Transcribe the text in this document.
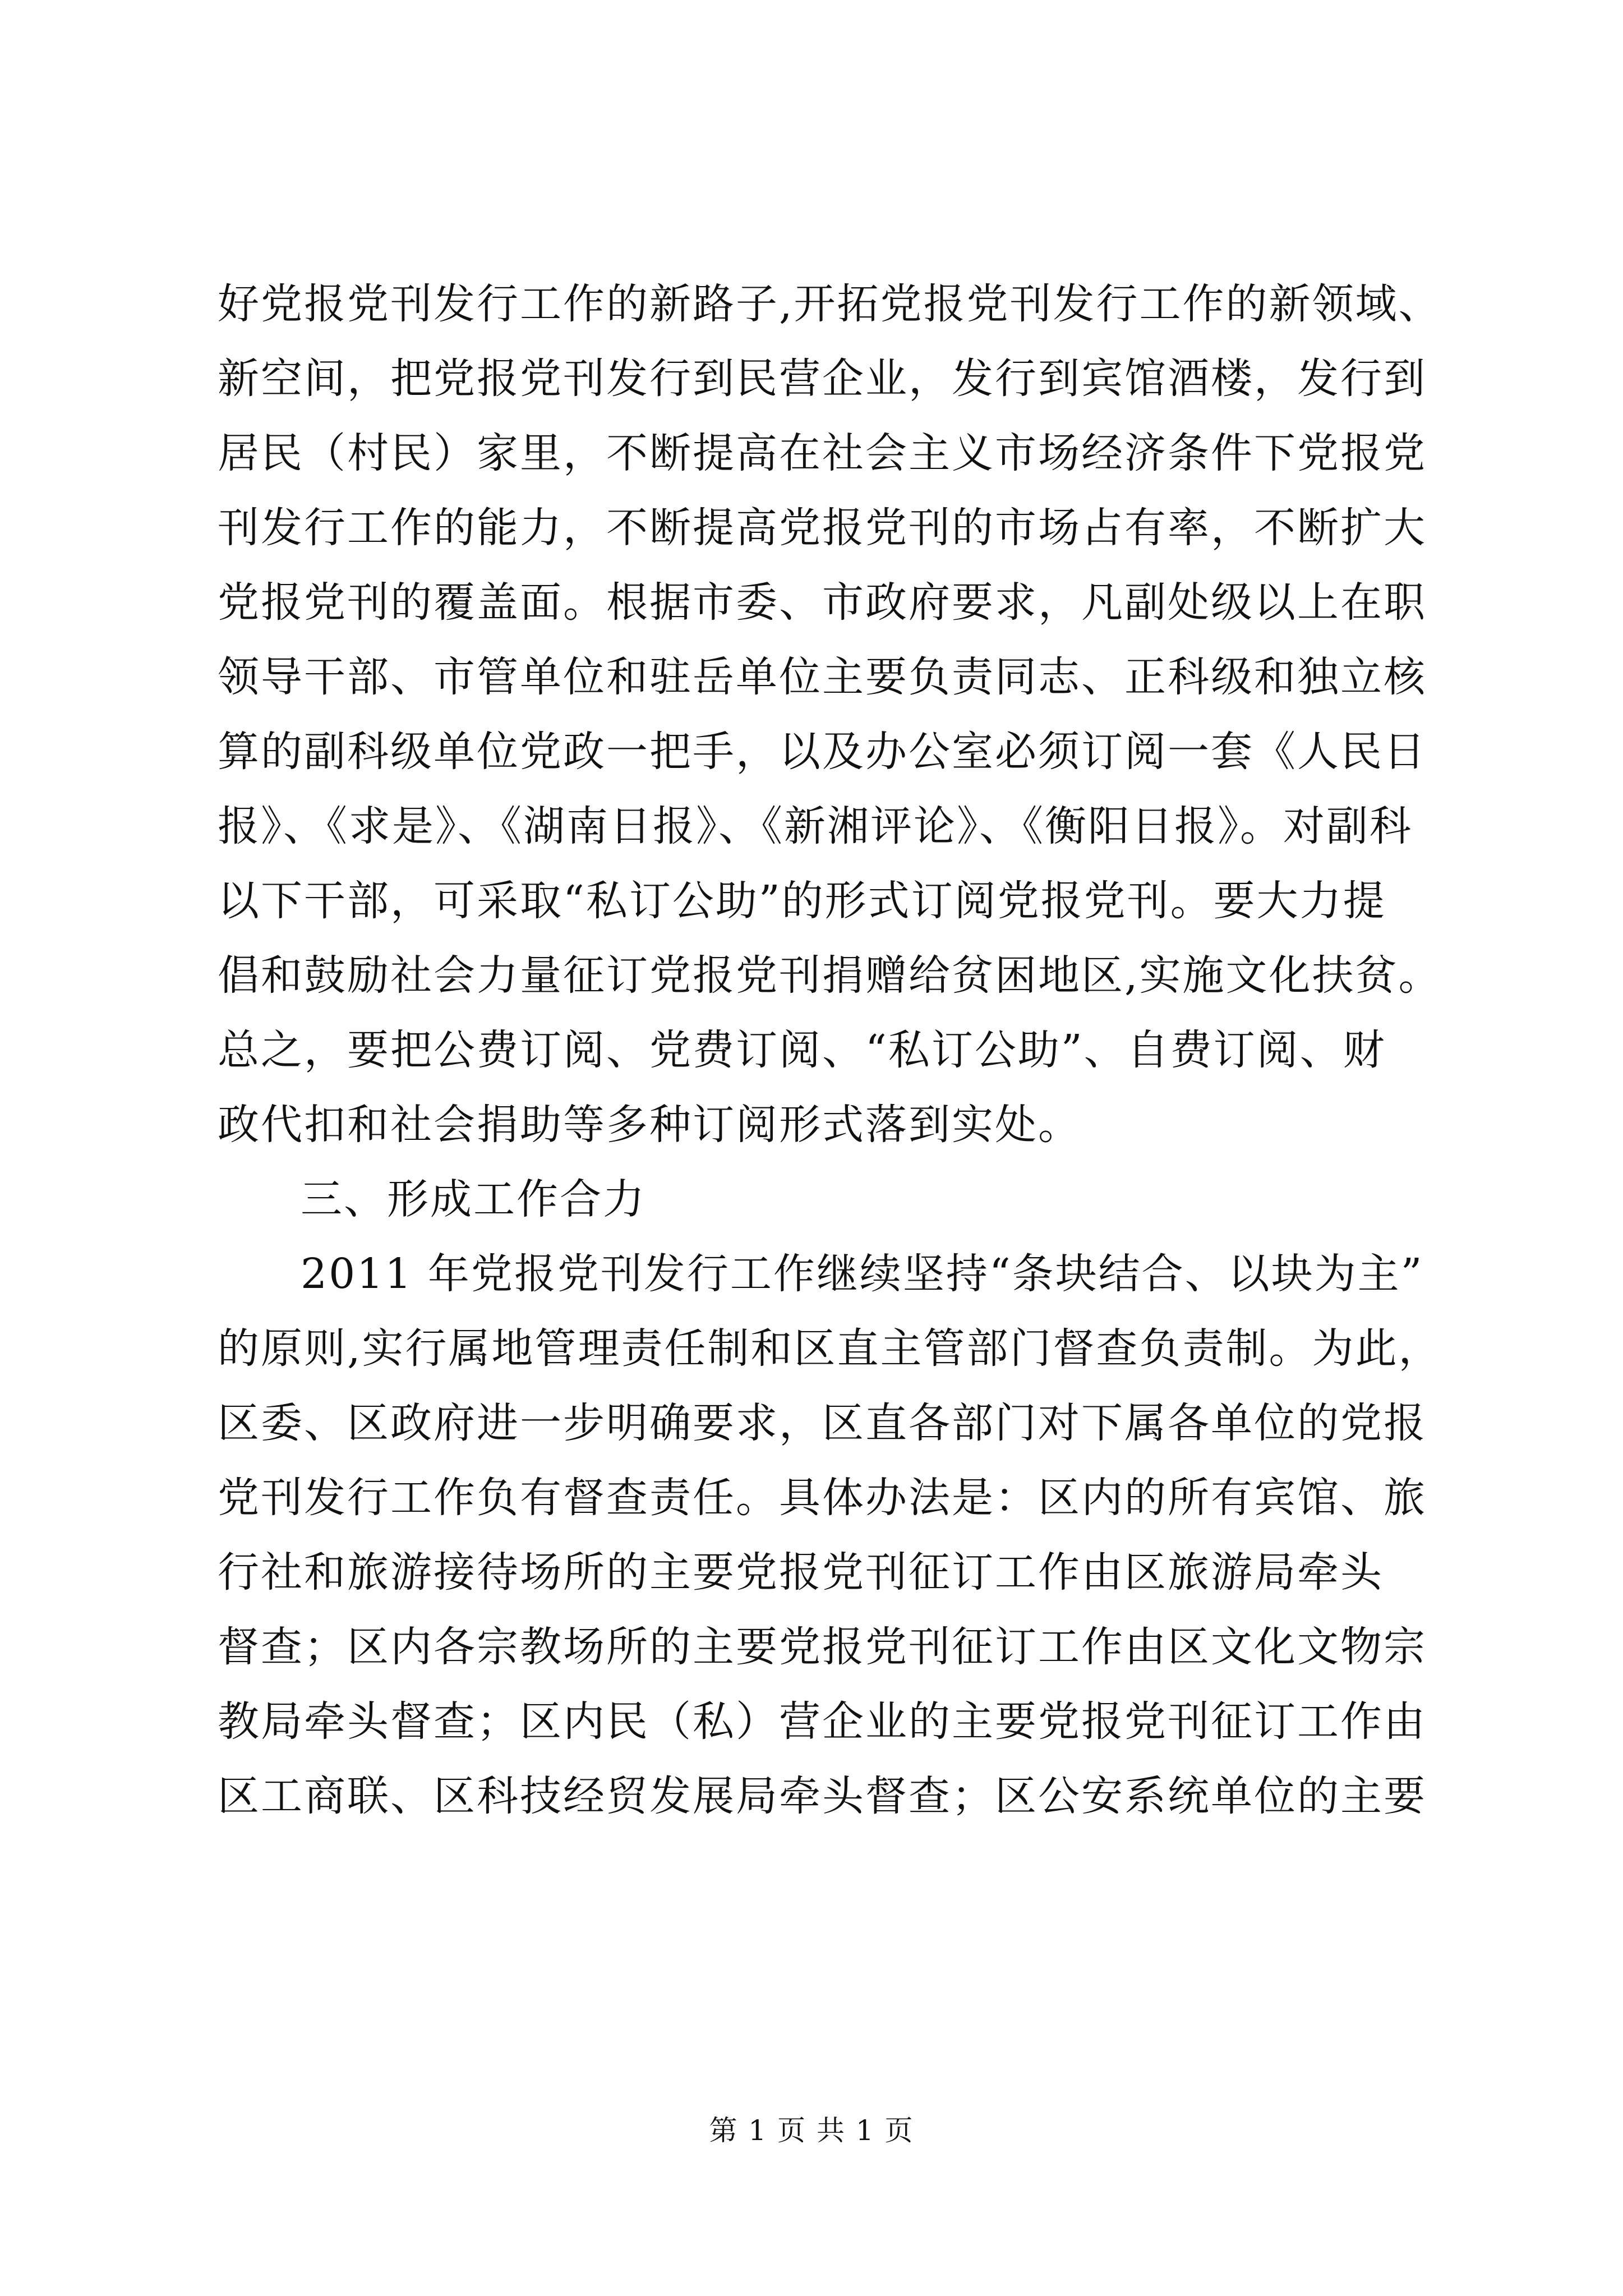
好党报党刊发行工作的新路子,开拓党报党刊发行工作的新领域、
新空间，把党报党刊发行到民营企业，发行到宾馆酒楼，发行到
居民（村民）家里，不断提高在社会主义市场经济条件下党报党
刊发行工作的能力，不断提高党报党刊的市场占有率，不断扩大
党报党刊的覆盖面。根据市委、市政府要求，凡副处级以上在职
领导干部、市管单位和驻岳单位主要负责同志、正科级和独立核
算的副科级单位党政一把手，以及办公室必须订阅一套《人民日
报》、《求是》、《湖南日报》、《新湘评论》、《衡阳日报》。对副科
以下干部，可采取“私订公助”的形式订阅党报党刊。要大力提
倡和鼓励社会力量征订党报党刊捐赠给贫困地区,实施文化扶贫。
总之，要把公费订阅、党费订阅、“私订公助”、自费订阅、财
政代扣和社会捐助等多种订阅形式落到实处。
三、形成工作合力
2011 年党报党刊发行工作继续坚持“条块结合、以块为主”
的原则,实行属地管理责任制和区直主管部门督查负责制。为此，
区委、区政府进一步明确要求，区直各部门对下属各单位的党报
党刊发行工作负有督查责任。具体办法是：区内的所有宾馆、旅
行社和旅游接待场所的主要党报党刊征订工作由区旅游局牵头
督查；区内各宗教场所的主要党报党刊征订工作由区文化文物宗
教局牵头督查；区内民（私）营企业的主要党报党刊征订工作由
区工商联、区科技经贸发展局牵头督查；区公安系统单位的主要
第 1 页 共 1 页
